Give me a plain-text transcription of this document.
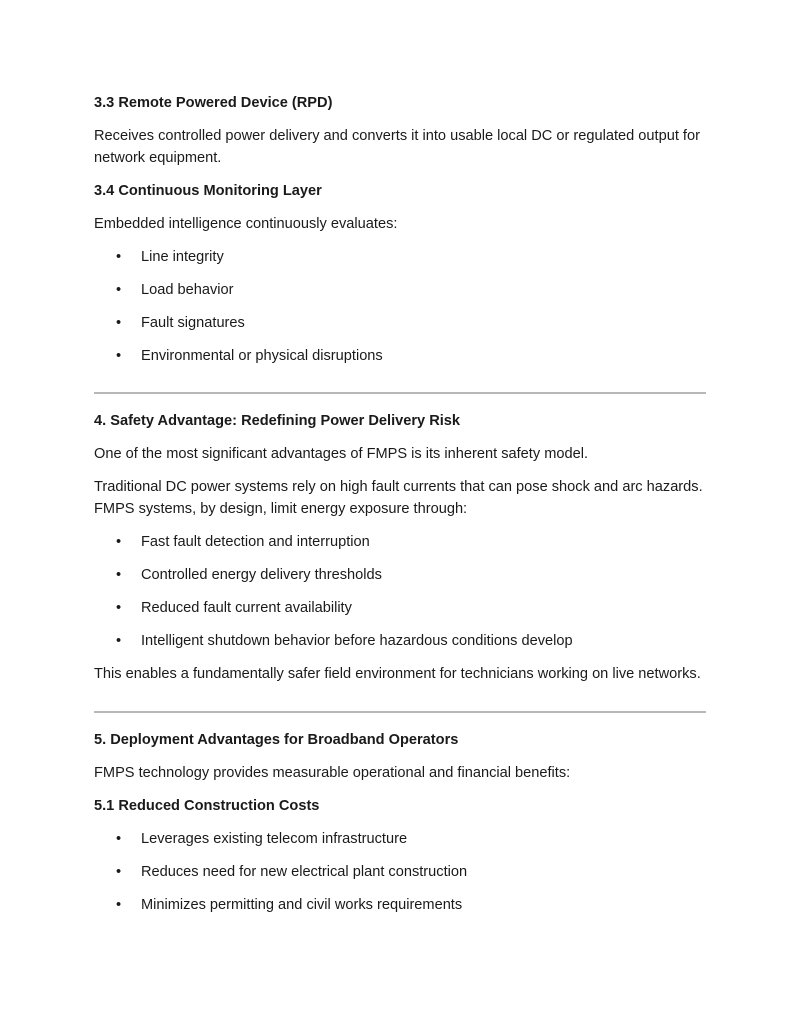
3.3 Remote Powered Device (RPD)

Receives controlled power delivery and converts it into usable local DC or regulated output for network equipment.

3.4 Continuous Monitoring Layer

Embedded intelligence continuously evaluates:

• Line integrity
• Load behavior
• Fault signatures
• Environmental or physical disruptions
4. Safety Advantage: Redefining Power Delivery Risk

One of the most significant advantages of FMPS is its inherent safety model.

Traditional DC power systems rely on high fault currents that can pose shock and arc hazards. FMPS systems, by design, limit energy exposure through:

• Fast fault detection and interruption
• Controlled energy delivery thresholds
• Reduced fault current availability
• Intelligent shutdown behavior before hazardous conditions develop

This enables a fundamentally safer field environment for technicians working on live networks.

5. Deployment Advantages for Broadband Operators

FMPS technology provides measurable operational and financial benefits:

5.1 Reduced Construction Costs
• Leverages existing telecom infrastructure
• Reduces need for new electrical plant construction
• Minimizes permitting and civil works requirements
